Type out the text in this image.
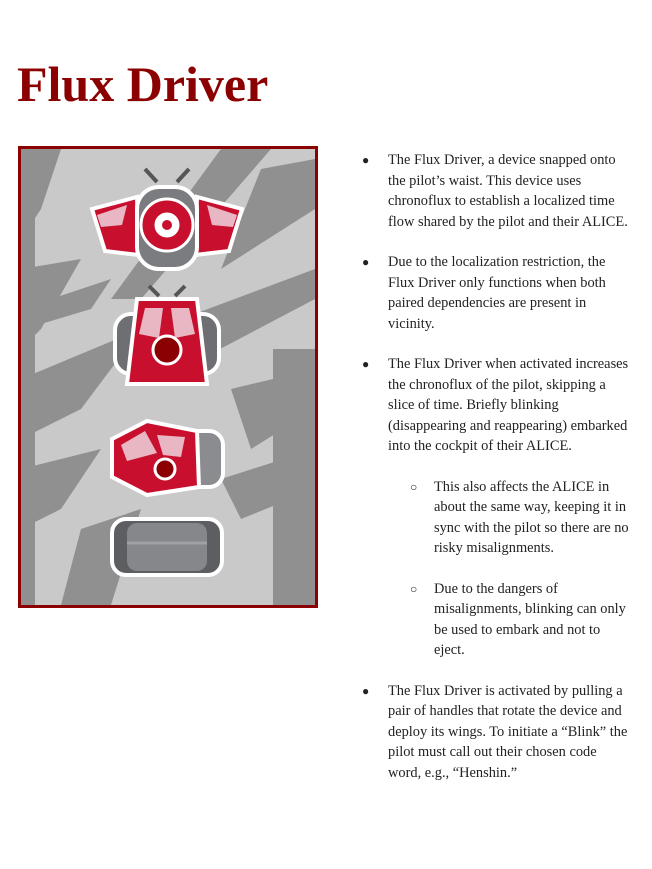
Flux Driver
● The Flux Driver, a device snapped onto the pilot’s waist. This device uses chronoflux to establish a localized time flow shared by the pilot and their ALICE.
● Due to the localization restriction, the Flux Driver only functions when both paired dependencies are present in vicinity.
● The Flux Driver when activated increases the chronoflux of the pilot, skipping a slice of time. Briefly blinking (disappearing and reappearing) embarked into the cockpit of their ALICE.
○ This also affects the ALICE in about the same way, keeping it in sync with the pilot so there are no risky misalignments.
○ Due to the dangers of misalignments, blinking can only be used to embark and not to eject.
● The Flux Driver is activated by pulling a pair of handles that rotate the device and deploy its wings. To initiate a “Blink” the pilot must call out their chosen code word, e.g., “Henshin.”
